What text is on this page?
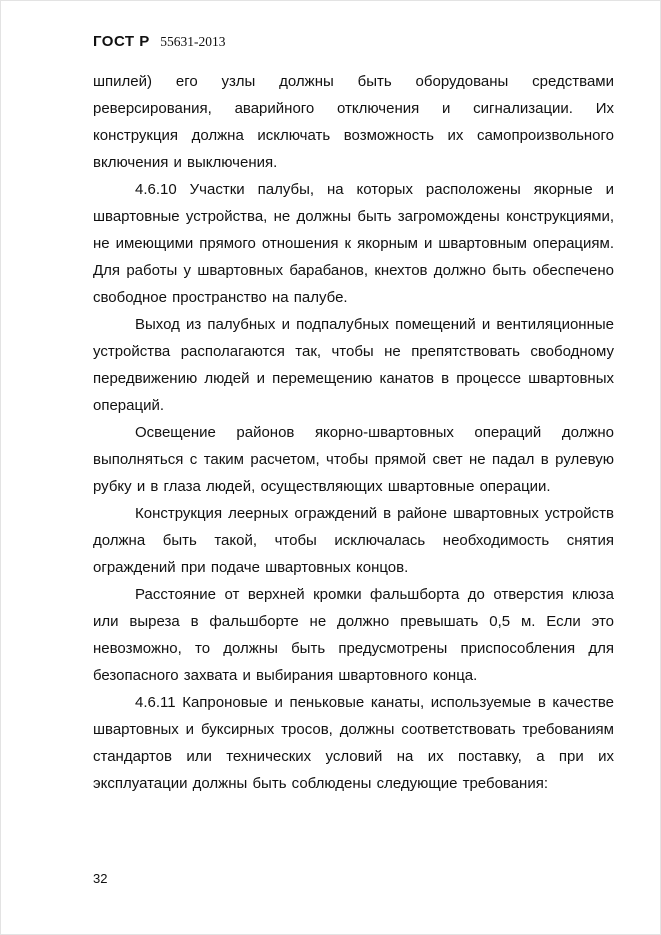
ГОСТ Р 55631-2013

шпилей) его узлы должны быть оборудованы средствами реверсирования, аварийного отключения и сигнализации. Их конструкция должна исключать возможность их самопроизвольного включения и выключения.

4.6.10 Участки палубы, на которых расположены якорные и швартовные устройства, не должны быть загромождены конструкциями, не имеющими прямого отношения к якорным и швартовным операциям. Для работы у швартовных барабанов, кнехтов должно быть обеспечено свободное пространство на палубе.

Выход из палубных и подпалубных помещений и вентиляционные устройства располагаются так, чтобы не препятствовать свободному передвижению людей и перемещению канатов в процессе швартовных операций.

Освещение районов якорно-швартовных операций должно выполняться с таким расчетом, чтобы прямой свет не падал в рулевую рубку и в глаза людей, осуществляющих швартовные операции.

Конструкция леерных ограждений в районе швартовных устройств должна быть такой, чтобы исключалась необходимость снятия ограждений при подаче швартовных концов.

Расстояние от верхней кромки фальшборта до отверстия клюза или выреза в фальшборте не должно превышать 0,5 м. Если это невозможно, то должны быть предусмотрены приспособления для безопасного захвата и выбирания швартовного конца.

4.6.11 Капроновые и пеньковые канаты, используемые в качестве швартовных и буксирных тросов, должны соответствовать требованиям стандартов или технических условий на их поставку, а при их эксплуатации должны быть соблюдены следующие требования:

32
